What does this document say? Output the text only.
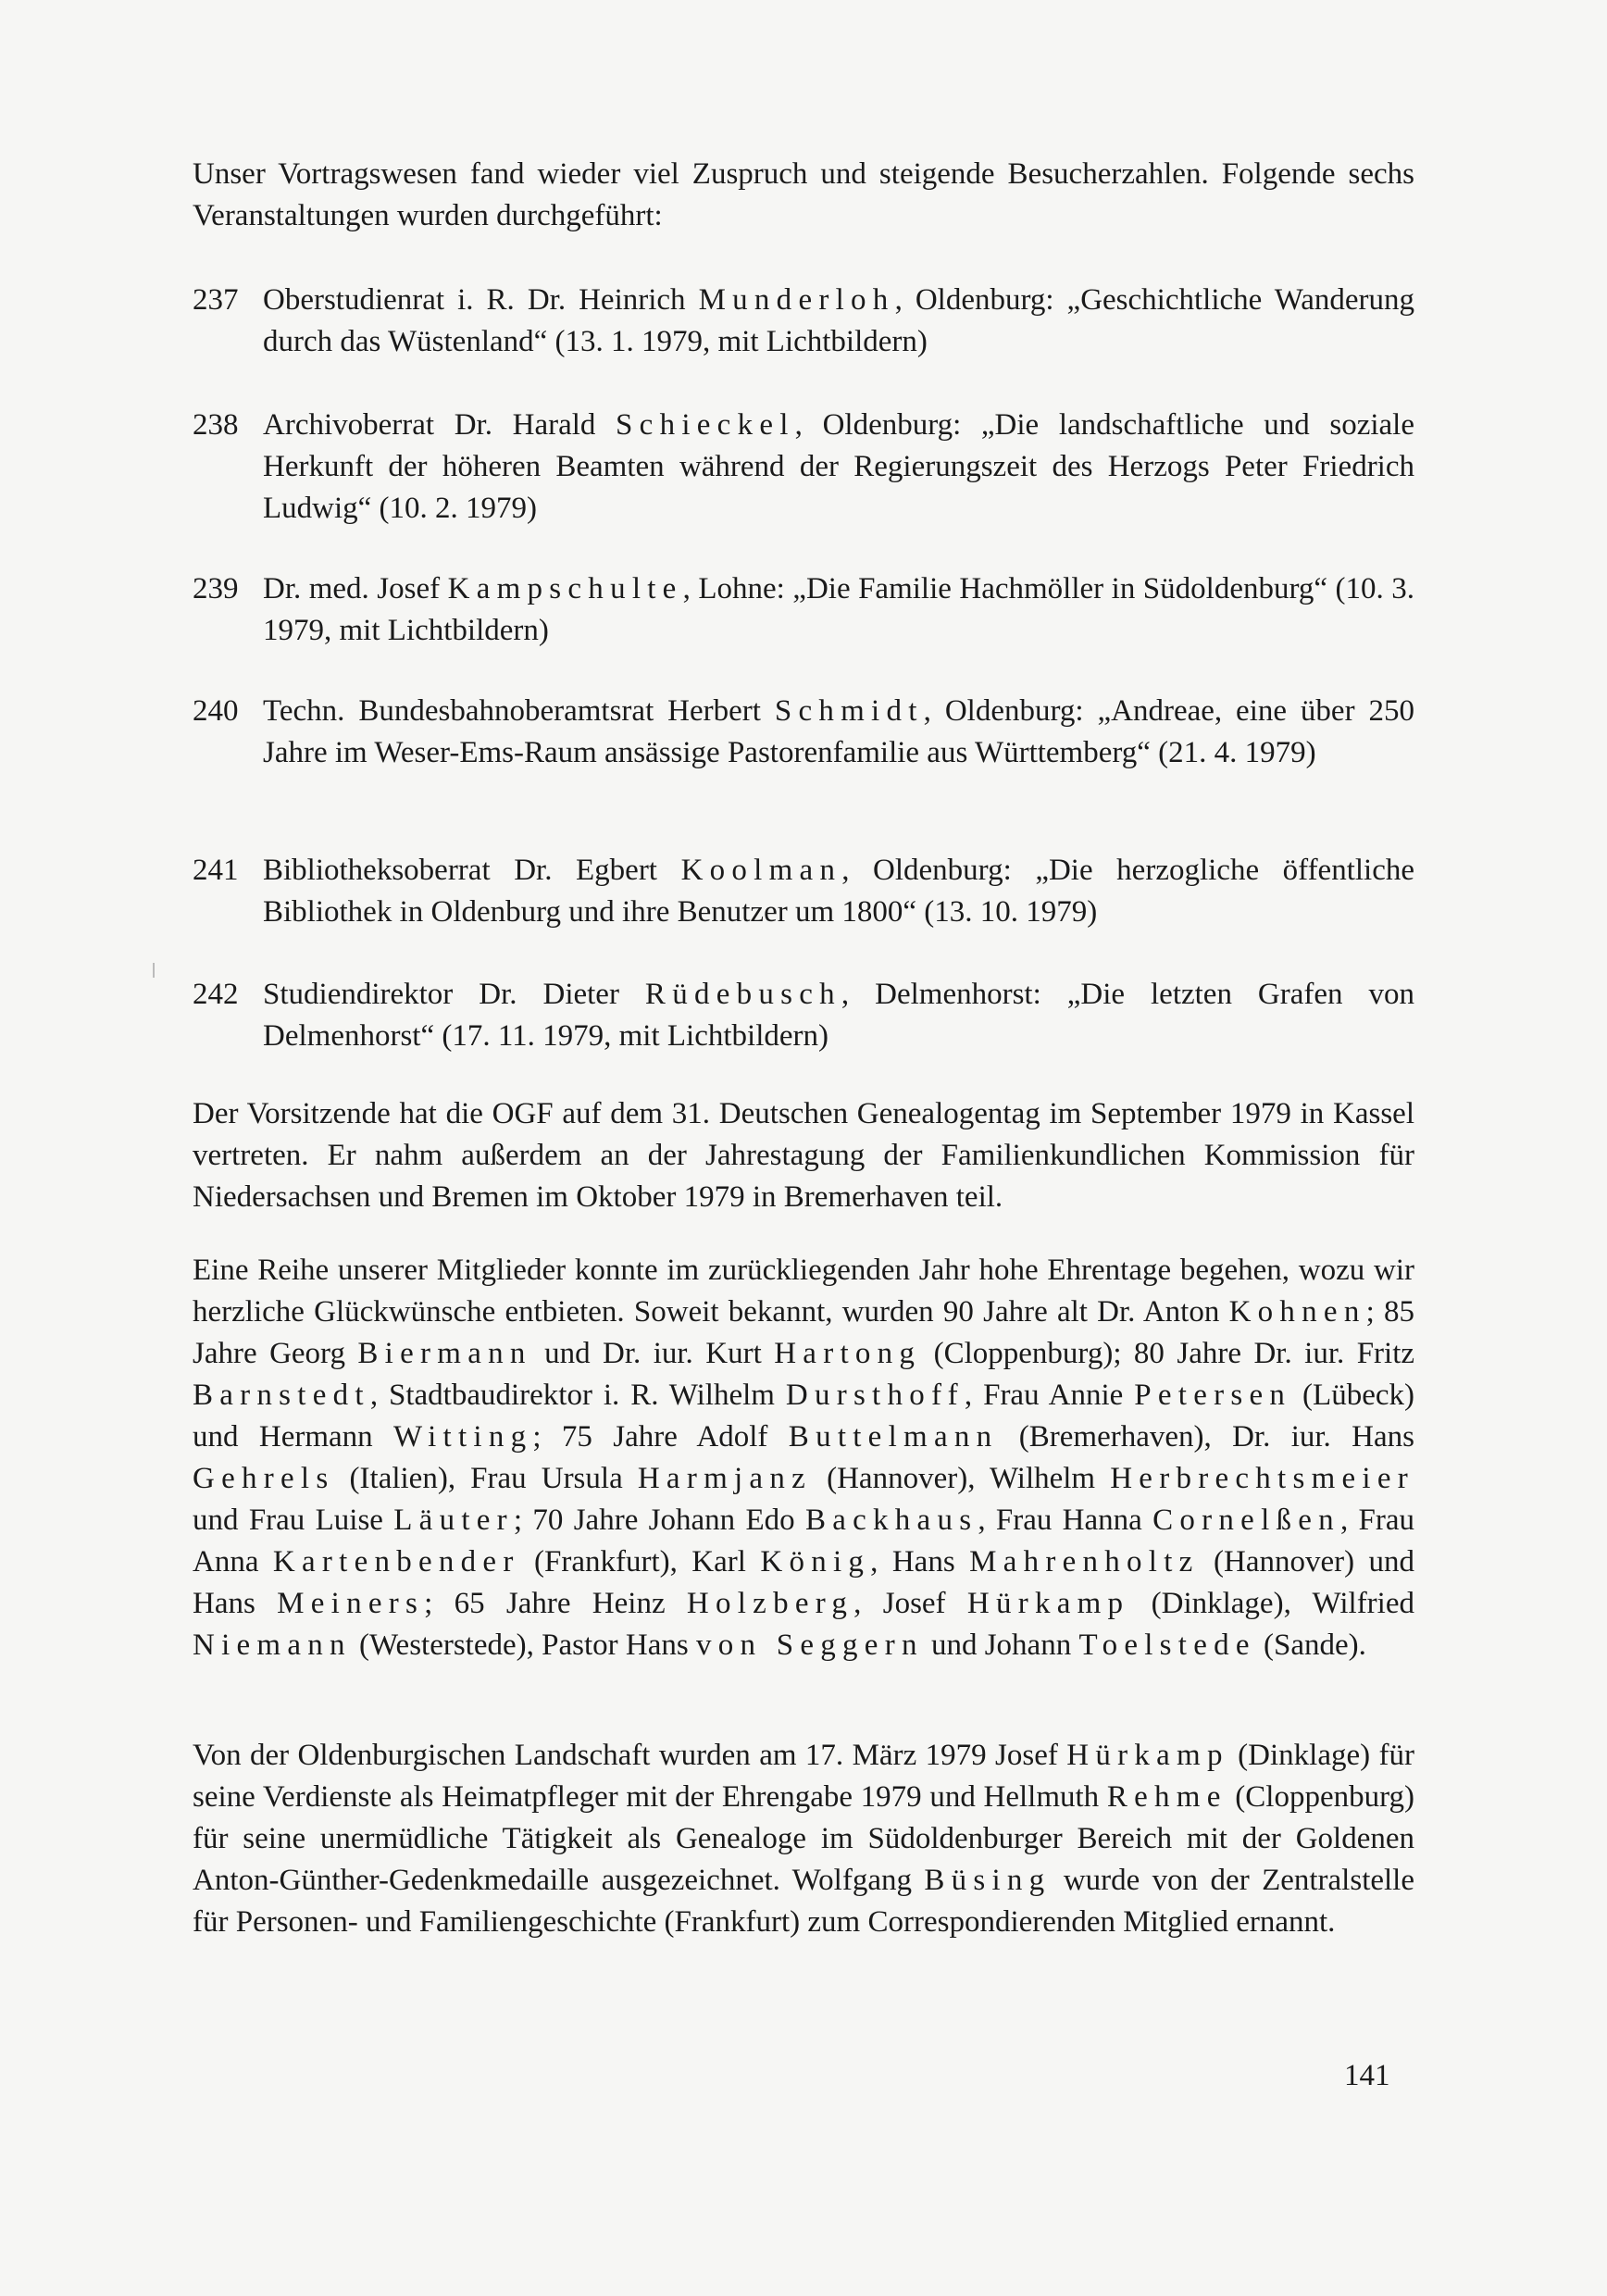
Unser Vortragswesen fand wieder viel Zuspruch und steigende Besucherzahlen. Folgende sechs Veranstaltungen wurden durchgeführt:

237 Oberstudienrat i. R. Dr. Heinrich Munderloh, Oldenburg: „Geschichtliche Wanderung durch das Wüstenland“ (13. 1. 1979, mit Lichtbildern)
238 Archivoberrat Dr. Harald Schieckel, Oldenburg: „Die landschaftliche und soziale Herkunft der höheren Beamten während der Regierungszeit des Herzogs Peter Friedrich Ludwig“ (10. 2. 1979)
239 Dr. med. Josef Kampschulte, Lohne: „Die Familie Hachmöller in Südoldenburg“ (10. 3. 1979, mit Lichtbildern)
240 Techn. Bundesbahnoberamtsrat Herbert Schmidt, Oldenburg: „Andreae, eine über 250 Jahre im Weser-Ems-Raum ansässige Pastorenfamilie aus Württemberg“ (21. 4. 1979)
241 Bibliotheksoberrat Dr. Egbert Koolman, Oldenburg: „Die herzogliche öffentliche Bibliothek in Oldenburg und ihre Benutzer um 1800“ (13. 10. 1979)
242 Studiendirektor Dr. Dieter Rüdebusch, Delmenhorst: „Die letzten Grafen von Delmenhorst“ (17. 11. 1979, mit Lichtbildern)

Der Vorsitzende hat die OGF auf dem 31. Deutschen Genealogentag im September 1979 in Kassel vertreten. Er nahm außerdem an der Jahrestagung der Familienkundlichen Kommission für Niedersachsen und Bremen im Oktober 1979 in Bremerhaven teil.

Eine Reihe unserer Mitglieder konnte im zurückliegenden Jahr hohe Ehrentage begehen, wozu wir herzliche Glückwünsche entbieten. Soweit bekannt, wurden 90 Jahre alt Dr. Anton Kohnen; 85 Jahre Georg Biermann und Dr. iur. Kurt Hartong (Cloppenburg); 80 Jahre Dr. iur. Fritz Barnstedt, Stadtbaudirektor i. R. Wilhelm Dursthoff, Frau Annie Petersen (Lübeck) und Hermann Witting; 75 Jahre Adolf Buttelmann (Bremerhaven), Dr. iur. Hans Gehrels (Italien), Frau Ursula Harmjanz (Hannover), Wilhelm Herbrechtsmeier und Frau Luise Läuter; 70 Jahre Johann Edo Backhaus, Frau Hanna Cornelßen, Frau Anna Kartenbender (Frankfurt), Karl König, Hans Mahrenholtz (Hannover) und Hans Meiners; 65 Jahre Heinz Holzberg, Josef Hürkamp (Dinklage), Wilfried Niemann (Westerstede), Pastor Hans von Seggern und Johann Toelstede (Sande).

Von der Oldenburgischen Landschaft wurden am 17. März 1979 Josef Hürkamp (Dinklage) für seine Verdienste als Heimatpfleger mit der Ehrengabe 1979 und Hellmuth Rehme (Cloppenburg) für seine unermüdliche Tätigkeit als Genealoge im Südoldenburger Bereich mit der Goldenen Anton-Günther-Gedenkmedaille ausgezeichnet. Wolfgang Büsing wurde von der Zentralstelle für Personen- und Familiengeschichte (Frankfurt) zum Correspondierenden Mitglied ernannt.

141
